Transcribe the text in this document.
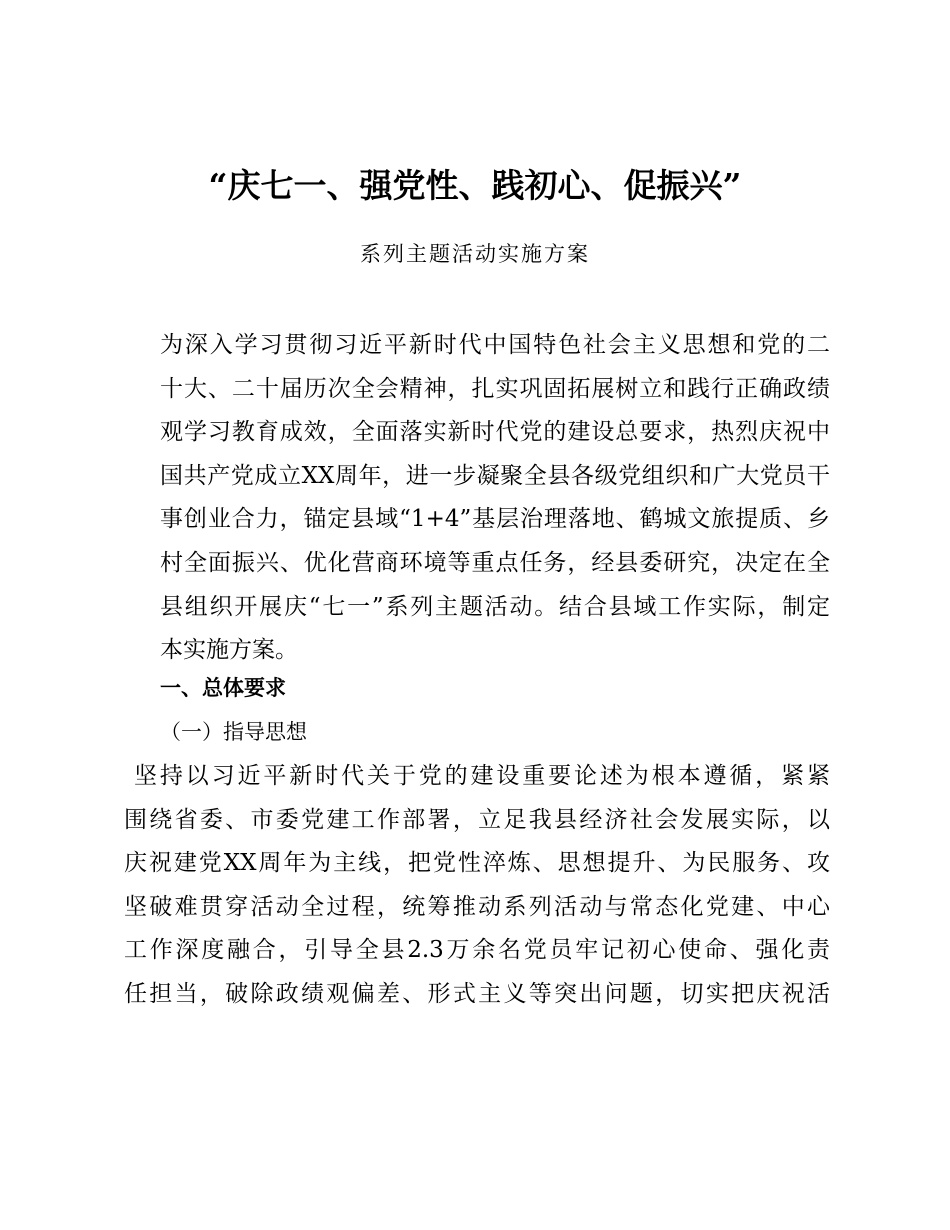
“庆七一、强党性、践初心、促振兴”
系列主题活动实施方案
为深入学习贯彻习近平新时代中国特色社会主义思想和党的二
十大、二十届历次全会精神，扎实巩固拓展树立和践行正确政绩
观学习教育成效，全面落实新时代党的建设总要求，热烈庆祝中
国共产党成立XX周年，进一步凝聚全县各级党组织和广大党员干
事创业合力，锚定县域“1+4”基层治理落地、鹤城文旅提质、乡
村全面振兴、优化营商环境等重点任务，经县委研究，决定在全
县组织开展庆“七一”系列主题活动。结合县域工作实际，制定
本实施方案。
一、总体要求
（一）指导思想
坚持以习近平新时代关于党的建设重要论述为根本遵循，紧紧
围绕省委、市委党建工作部署，立足我县经济社会发展实际，以
庆祝建党XX周年为主线，把党性淬炼、思想提升、为民服务、攻
坚破难贯穿活动全过程，统筹推动系列活动与常态化党建、中心
工作深度融合，引导全县2.3万余名党员牢记初心使命、强化责
任担当，破除政绩观偏差、形式主义等突出问题，切实把庆祝活
